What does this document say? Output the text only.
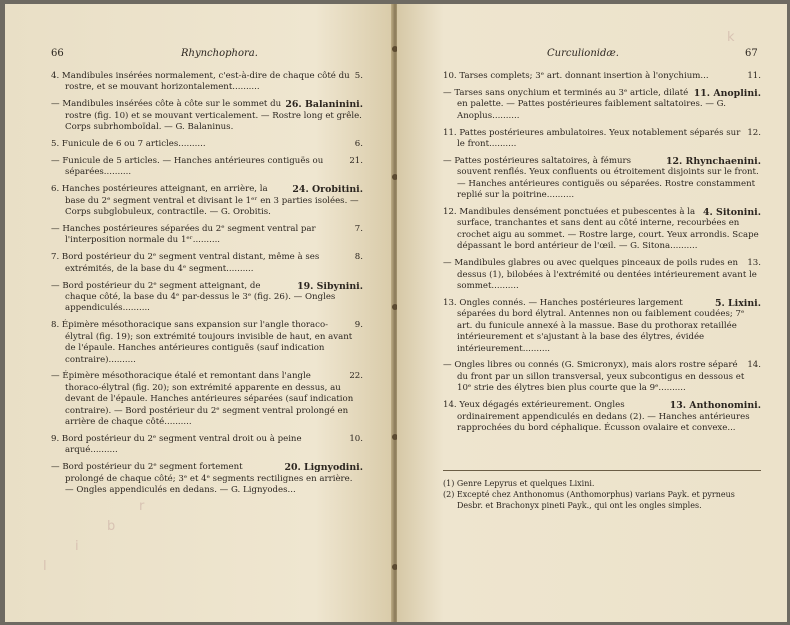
66	Rhynchophora.
5.
4. Mandibules insérées normalement, c'est-à-dire de chaque côté du rostre, et se mouvant horizontalement..........
26. Balaninini.
— Mandibules insérées côte à côte sur le sommet du rostre (fig. 10) et se mouvant verticalement. — Rostre long et grêle. Corps subrhomboïdal. — G. Balaninus.
6.
5. Funicule de 6 ou 7 articles..........
21.
— Funicule de 5 articles. — Hanches antérieures contiguës ou séparées..........
24. Orobitini.
6. Hanches postérieures atteignant, en arrière, la base du 2ᵉ segment ventral et divisant le 1ᵉʳ en 3 parties isolées. — Corps subglobuleux, contractile. — G. Orobitis.
7.
— Hanches postérieures séparées du 2ᵉ segment ventral par l'interposition normale du 1ᵉʳ..........
8.
7. Bord postérieur du 2ᵉ segment ventral distant, même à ses extrémités, de la base du 4ᵉ segment..........
19. Sibynini.
— Bord postérieur du 2ᵉ segment atteignant, de chaque côté, la base du 4ᵉ par-dessus le 3ᵉ (fig. 26). — Ongles appendiculés..........
9.
8. Épimère mésothoracique sans expansion sur l'angle thoraco-élytral (fig. 19); son extrémité toujours invisible de haut, en avant de l'épaule. Hanches antérieures contiguës (sauf indication contraire)..........
22.
— Épimère mésothoracique étalé et remontant dans l'angle thoraco-élytral (fig. 20); son extrémité apparente en dessus, au devant de l'épaule. Hanches antérieures séparées (sauf indication contraire). — Bord postérieur du 2ᵉ segment ventral prolongé en arrière de chaque côté..........
10.
9. Bord postérieur du 2ᵉ segment ventral droit ou à peine arqué..........
20. Lignyodini.
— Bord postérieur du 2ᵉ segment fortement prolongé de chaque côté; 3ᵉ et 4ᵉ segments rectilignes en arrière. — Ongles appendiculés en dedans. — G. Lignyodes...
l
i
b
r
Curculionidæ.	67
11.
10. Tarses complets; 3ᵉ art. donnant insertion à l'onychium...
11. Anoplini.
— Tarses sans onychium et terminés au 3ᵉ article, dilaté en palette. — Pattes postérieures faiblement saltatoires. — G. Anoplus..........
12.
11. Pattes postérieures ambulatoires. Yeux notablement séparés sur le front..........
12. Rhynchaenini.
— Pattes postérieures saltatoires, à fémurs souvent renflés. Yeux confluents ou étroitement disjoints sur le front. — Hanches antérieures contiguës ou séparées. Rostre constamment replié sur la poitrine..........
4. Sitonini.
12. Mandibules densément ponctuées et pubescentes à la surface, tranchantes et sans dent au côté interne, recourbées en crochet aigu au sommet. — Rostre large, court. Yeux arrondis. Scape dépassant le bord antérieur de l'œil. — G. Sitona..........
13.
— Mandibules glabres ou avec quelques pinceaux de poils rudes en dessus (1), bilobées à l'extrémité ou dentées intérieurement avant le sommet..........
5. Lixini.
13. Ongles connés. — Hanches postérieures largement séparées du bord élytral. Antennes non ou faiblement coudées; 7ᵉ art. du funicule annexé à la massue. Base du prothorax retaillée intérieurement et s'ajustant à la base des élytres, évidée intérieurement..........
14.
— Ongles libres ou connés (G. Smicronyx), mais alors rostre séparé du front par un sillon transversal, yeux subcontigus en dessous et 10ᵉ strie des élytres bien plus courte que la 9ᵉ..........
13. Anthonomini.
14. Yeux dégagés extérieurement. Ongles ordinairement appendiculés en dedans (2). — Hanches antérieures rapprochées du bord céphalique. Écusson ovalaire et convexe...
(1) Genre Lepyrus et quelques Lixini.
(2) Excepté chez Anthonomus (Anthomorphus) varians Payk. et pyrneus Desbr. et Brachonyx pineti Payk., qui ont les ongles simples.
k
